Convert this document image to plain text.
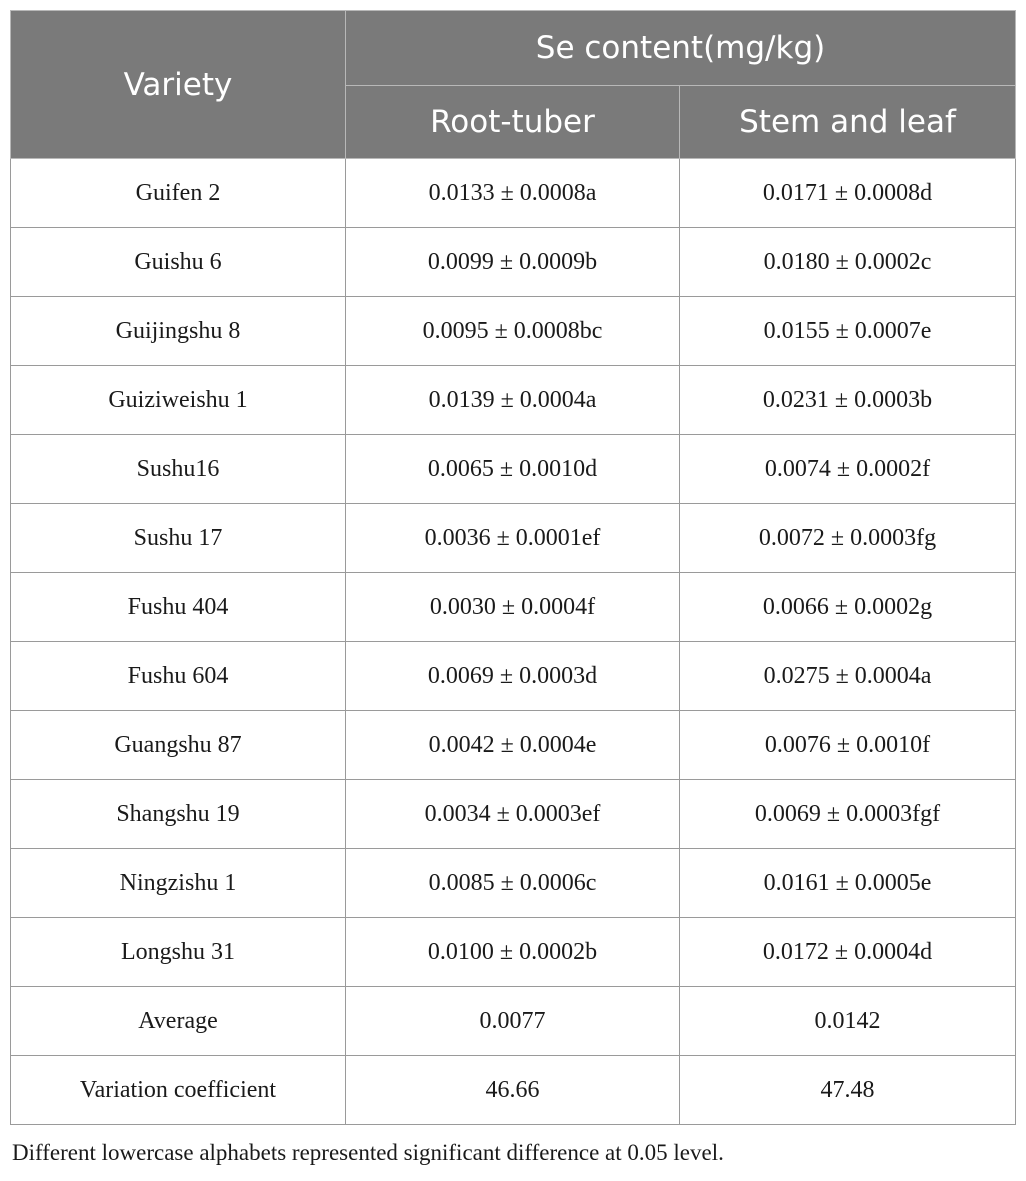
Variety	Se content(mg/kg)	
	Root-tuber	Stem and leaf
Guifen 2	0.0133 ± 0.0008a	0.0171 ± 0.0008d
Guishu 6	0.0099 ± 0.0009b	0.0180 ± 0.0002c
Guijingshu 8	0.0095 ± 0.0008bc	0.0155 ± 0.0007e
Guiziweishu 1	0.0139 ± 0.0004a	0.0231 ± 0.0003b
Sushu16	0.0065 ± 0.0010d	0.0074 ± 0.0002f
Sushu 17	0.0036 ± 0.0001ef	0.0072 ± 0.0003fg
Fushu 404	0.0030 ± 0.0004f	0.0066 ± 0.0002g
Fushu 604	0.0069 ± 0.0003d	0.0275 ± 0.0004a
Guangshu 87	0.0042 ± 0.0004e	0.0076 ± 0.0010f
Shangshu 19	0.0034 ± 0.0003ef	0.0069 ± 0.0003fgf
Ningzishu 1	0.0085 ± 0.0006c	0.0161 ± 0.0005e
Longshu 31	0.0100 ± 0.0002b	0.0172 ± 0.0004d
Average	0.0077	0.0142
Variation coefficient	46.66	47.48
Different lowercase alphabets represented significant difference at 0.05 level.
